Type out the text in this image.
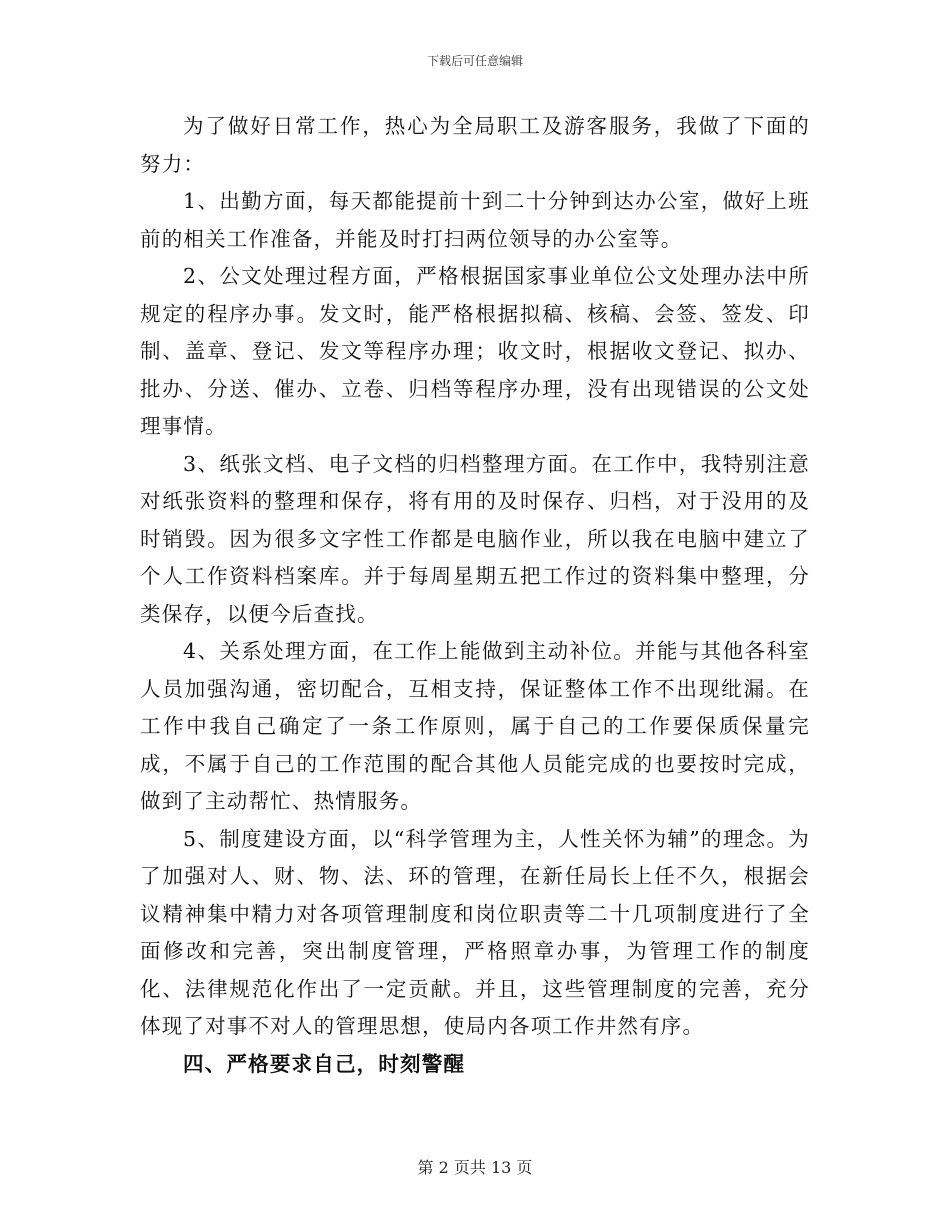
下载后可任意编辑

为了做好日常工作，热心为全局职工及游客服务，我做了下面的努力：

1、出勤方面，每天都能提前十到二十分钟到达办公室，做好上班前的相关工作准备，并能及时打扫两位领导的办公室等。

2、公文处理过程方面，严格根据国家事业单位公文处理办法中所规定的程序办事。发文时，能严格根据拟稿、核稿、会签、签发、印制、盖章、登记、发文等程序办理；收文时，根据收文登记、拟办、批办、分送、催办、立卷、归档等程序办理，没有出现错误的公文处理事情。

3、纸张文档、电子文档的归档整理方面。在工作中，我特别注意对纸张资料的整理和保存，将有用的及时保存、归档，对于没用的及时销毁。因为很多文字性工作都是电脑作业，所以我在电脑中建立了个人工作资料档案库。并于每周星期五把工作过的资料集中整理，分类保存，以便今后查找。

4、关系处理方面，在工作上能做到主动补位。并能与其他各科室人员加强沟通，密切配合，互相支持，保证整体工作不出现纰漏。在工作中我自己确定了一条工作原则，属于自己的工作要保质保量完成，不属于自己的工作范围的配合其他人员能完成的也要按时完成，做到了主动帮忙、热情服务。

5、制度建设方面，以“科学管理为主，人性关怀为辅”的理念。为了加强对人、财、物、法、环的管理，在新任局长上任不久，根据会议精神集中精力对各项管理制度和岗位职责等二十几项制度进行了全面修改和完善，突出制度管理，严格照章办事，为管理工作的制度化、法律规范化作出了一定贡献。并且，这些管理制度的完善，充分体现了对事不对人的管理思想，使局内各项工作井然有序。

四、严格要求自己，时刻警醒

第 2 页共 13 页
